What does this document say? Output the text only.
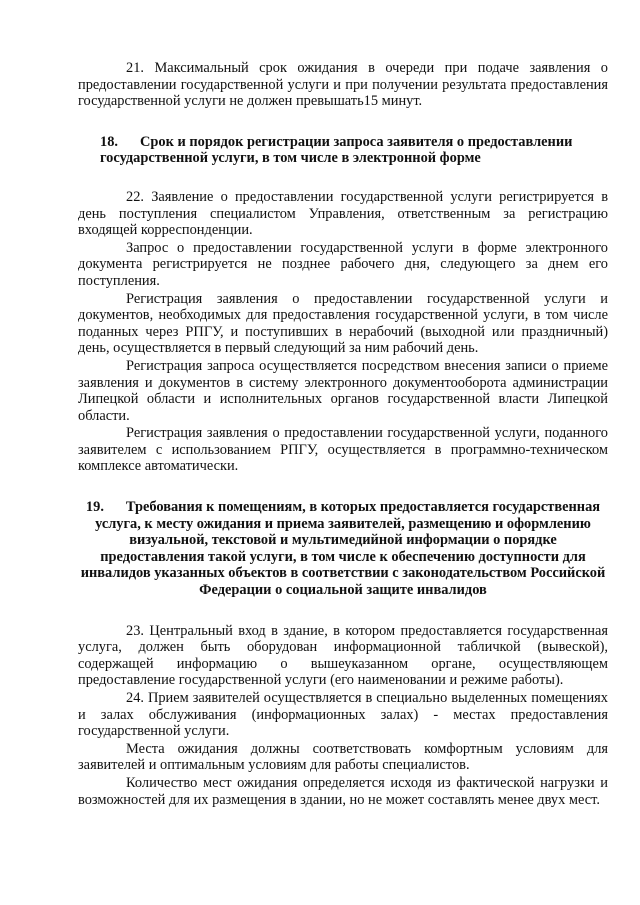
21. Максимальный срок ожидания в очереди при подаче заявления о предоставлении государственной услуги и при получении результата предоставления государственной услуги не должен превышать15 минут.

18. Срок и порядок регистрации запроса заявителя о предоставлении государственной услуги, в том числе в электронной форме

22. Заявление о предоставлении государственной услуги регистрируется в день поступления специалистом Управления, ответственным за регистрацию входящей корреспонденции.

Запрос о предоставлении государственной услуги в форме электронного документа регистрируется не позднее рабочего дня, следующего за днем его поступления.

Регистрация заявления о предоставлении государственной услуги и документов, необходимых для предоставления государственной услуги, в том числе поданных через РПГУ, и поступивших в нерабочий (выходной или праздничный) день, осуществляется в первый следующий за ним рабочий день.

Регистрация запроса осуществляется посредством внесения записи о приеме заявления и документов в систему электронного документооборота администрации Липецкой области и исполнительных органов государственной власти Липецкой области.

Регистрация заявления о предоставлении государственной услуги, поданного заявителем с использованием РПГУ, осуществляется в программно-техническом комплексе автоматически.

19. Требования к помещениям, в которых предоставляется государственная услуга, к месту ожидания и приема заявителей, размещению и оформлению визуальной, текстовой и мультимедийной информации о порядке предоставления такой услуги, в том числе к обеспечению доступности для инвалидов указанных объектов в соответствии с законодательством Российской Федерации о социальной защите инвалидов

23. Центральный вход в здание, в котором предоставляется государственная услуга, должен быть оборудован информационной табличкой (вывеской), содержащей информацию о вышеуказанном органе, осуществляющем предоставление государственной услуги (его наименовании и режиме работы).

24. Прием заявителей осуществляется в специально выделенных помещениях и залах обслуживания (информационных залах) - местах предоставления государственной услуги.

Места ожидания должны соответствовать комфортным условиям для заявителей и оптимальным условиям для работы специалистов.

Количество мест ожидания определяется исходя из фактической нагрузки и возможностей для их размещения в здании, но не может составлять менее двух мест.
